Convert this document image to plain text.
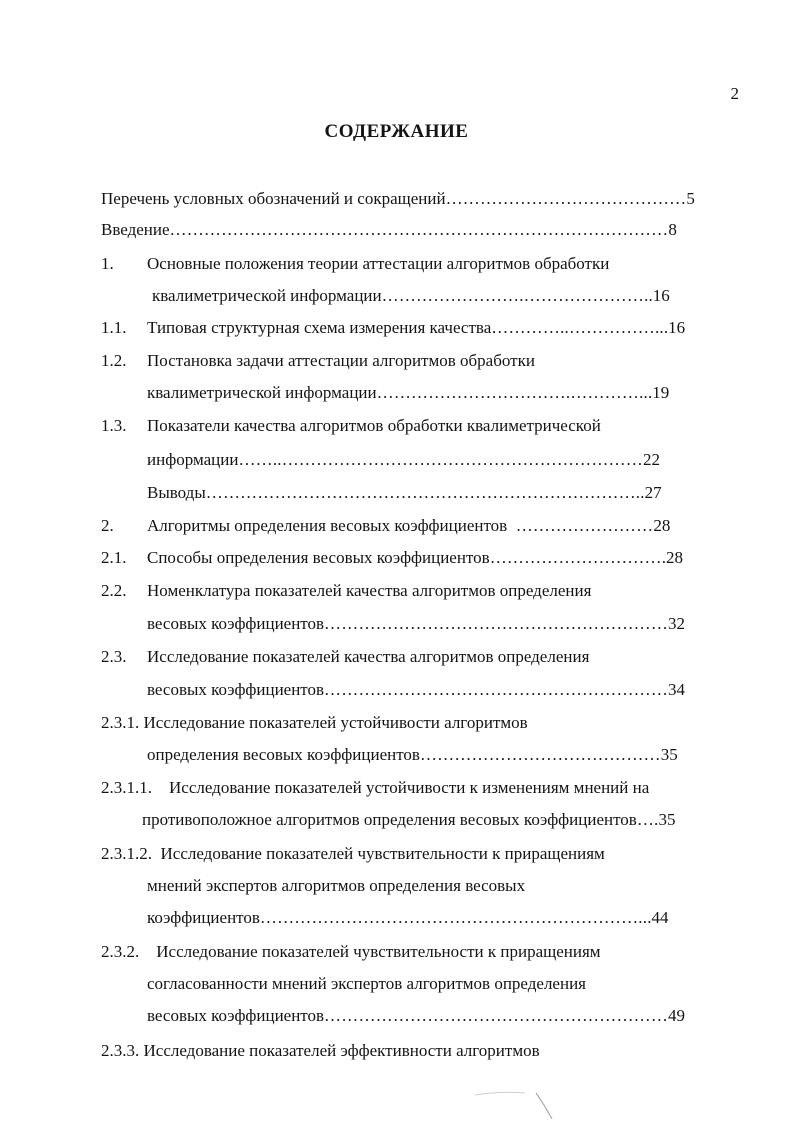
2
СОДЕРЖАНИЕ
Перечень условных обозначений и сокращений……………………………………5
Введение……………………………………………………………………………8
1. Основные положения теории аттестации алгоритмов обработки
квалиметрической информации…………………….…………………..16
1.1. Типовая структурная схема измерения качества…………..……………...16
1.2. Постановка задачи аттестации алгоритмов обработки
квалиметрической информации…………………………….…………...19
1.3. Показатели качества алгоритмов обработки квалиметрической
информации……..………………………………………………………22
Выводы…………………………………………………………………..27
2. Алгоритмы определения весовых коэффициентов ……………………28
2.1. Способы определения весовых коэффициентов………………………….28
2.2. Номенклатура показателей качества алгоритмов определения
весовых коэффициентов……………………………………………………32
2.3. Исследование показателей качества алгоритмов определения
весовых коэффициентов……………………………………………………34
2.3.1. Исследование показателей устойчивости алгоритмов
определения весовых коэффициентов……………………………………35
2.3.1.1. Исследование показателей устойчивости к изменениям мнений на
противоположное алгоритмов определения весовых коэффициентов….35
2.3.1.2. Исследование показателей чувствительности к приращениям
мнений экспертов алгоритмов определения весовых
коэффициентов…………………………………………………………...44
2.3.2. Исследование показателей чувствительности к приращениям
согласованности мнений экспертов алгоритмов определения
весовых коэффициентов……………………………………………………49
2.3.3. Исследование показателей эффективности алгоритмов
